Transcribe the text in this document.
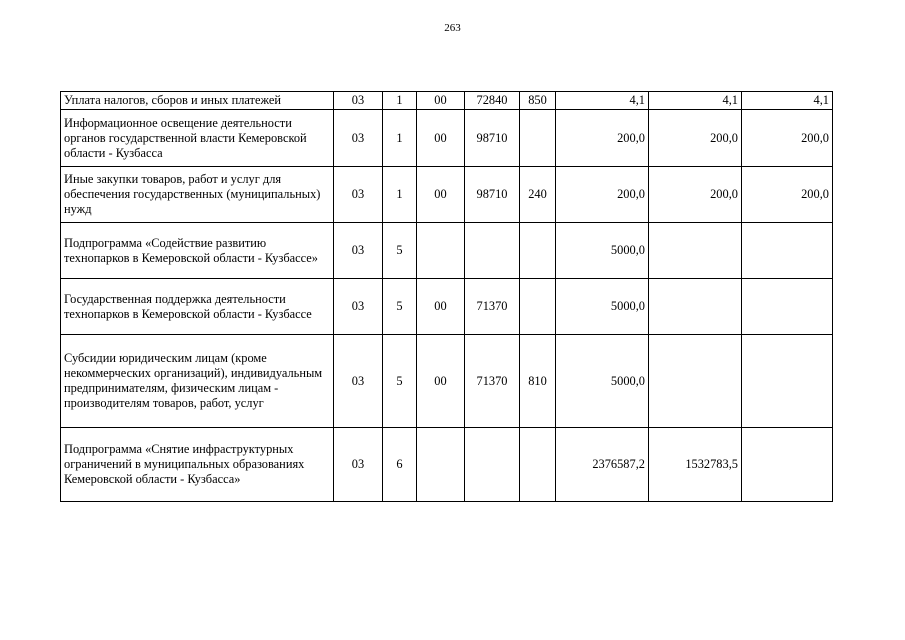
263
Уплата налогов, сборов и иных платежей	03	1	00	72840	850	4,1	4,1	4,1
Информационное освещение деятельности органов государственной власти Кемеровской области - Кузбасса	03	1	00	98710		200,0	200,0	200,0
Иные закупки товаров, работ и услуг для обеспечения государственных (муниципальных) нужд	03	1	00	98710	240	200,0	200,0	200,0
Подпрограмма «Содействие развитию технопарков в Кемеровской области - Кузбассе»	03	5				5000,0		
Государственная поддержка деятельности технопарков в Кемеровской области - Кузбассе	03	5	00	71370		5000,0		
Субсидии юридическим лицам (кроме некоммерческих организаций), индивидуальным предпринимателям, физическим лицам - производителям товаров, работ, услуг	03	5	00	71370	810	5000,0		
Подпрограмма «Снятие инфраструктурных ограничений в муниципальных образованиях Кемеровской области - Кузбасса»	03	6				2376587,2	1532783,5	
